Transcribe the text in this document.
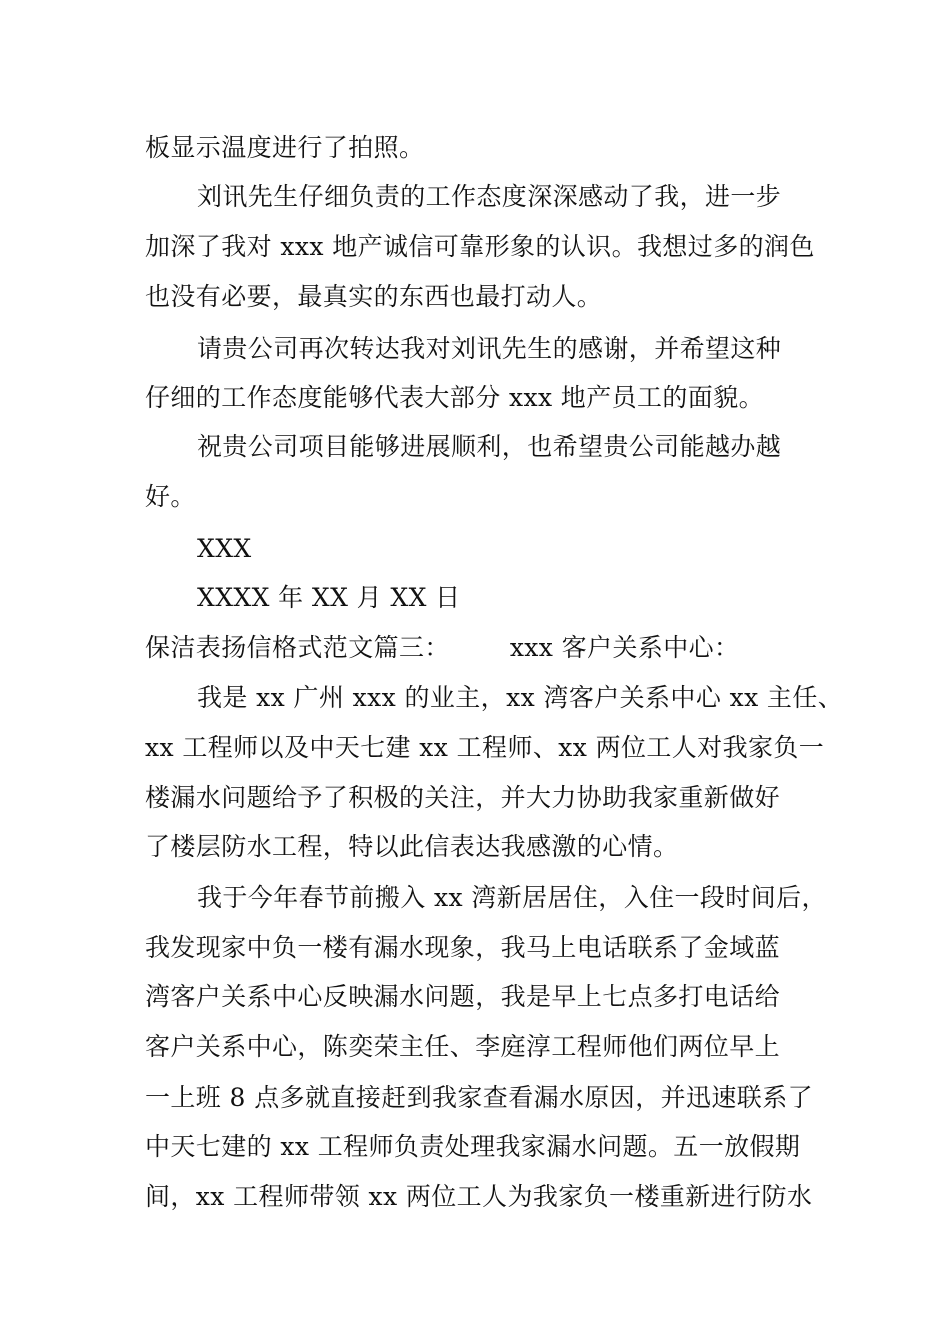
板显示温度进行了拍照。
刘讯先生仔细负责的工作态度深深感动了我，进一步
加深了我对 xxx 地产诚信可靠形象的认识。我想过多的润色
也没有必要，最真实的东西也最打动人。
请贵公司再次转达我对刘讯先生的感谢，并希望这种
仔细的工作态度能够代表大部分 xxx 地产员工的面貌。
祝贵公司项目能够进展顺利，也希望贵公司能越办越
好。
XXX
XXXX 年 XX 月 XX 日
保洁表扬信格式范文篇三： xxx 客户关系中心：
我是 xx 广州 xxx 的业主，xx 湾客户关系中心 xx 主任、
xx 工程师以及中天七建 xx 工程师、xx 两位工人对我家负一
楼漏水问题给予了积极的关注，并大力协助我家重新做好
了楼层防水工程，特以此信表达我感激的心情。
我于今年春节前搬入 xx 湾新居居住，入住一段时间后，
我发现家中负一楼有漏水现象，我马上电话联系了金域蓝
湾客户关系中心反映漏水问题，我是早上七点多打电话给
客户关系中心，陈奕荣主任、李庭淳工程师他们两位早上
一上班 8 点多就直接赶到我家查看漏水原因，并迅速联系了
中天七建的 xx 工程师负责处理我家漏水问题。五一放假期
间，xx 工程师带领 xx 两位工人为我家负一楼重新进行防水
